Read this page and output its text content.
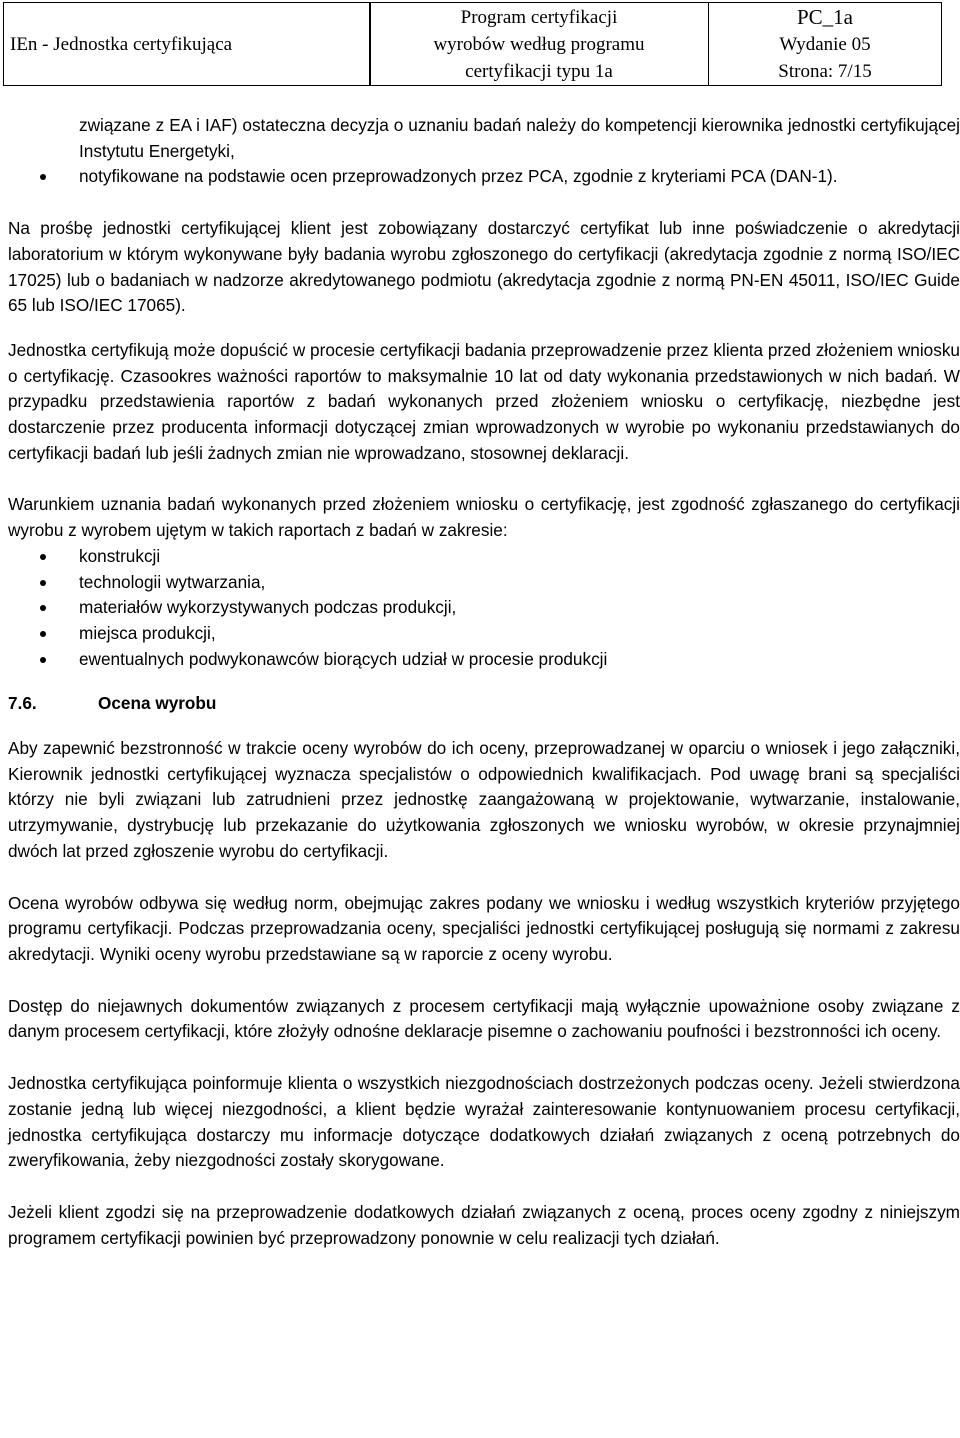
IEn - Jednostka certyfikująca
Program certyfikacji
wyrobów według programu
certyfikacji typu 1a
PC_1a
Wydanie 05
Strona: 7/15

związane z EA i IAF) ostateczna decyzja o uznaniu badań należy do kompetencji kierownika jednostki certyfikującej Instytutu Energetyki,

notyfikowane na podstawie ocen przeprowadzonych przez PCA, zgodnie z kryteriami PCA (DAN-1).

Na prośbę jednostki certyfikującej klient jest zobowiązany dostarczyć certyfikat lub inne poświadczenie o akredytacji laboratorium w którym wykonywane były badania wyrobu zgłoszonego do certyfikacji (akredytacja zgodnie z normą ISO/IEC 17025) lub o badaniach w nadzorze akredytowanego podmiotu (akredytacja zgodnie z normą PN-EN 45011, ISO/IEC Guide 65 lub ISO/IEC 17065).

Jednostka certyfikują może dopuścić w procesie certyfikacji badania przeprowadzenie przez klienta przed złożeniem wniosku o certyfikację. Czasookres ważności raportów to maksymalnie 10 lat od daty wykonania przedstawionych w nich badań. W przypadku przedstawienia raportów z badań wykonanych przed złożeniem wniosku o certyfikację, niezbędne jest dostarczenie przez producenta informacji dotyczącej zmian wprowadzonych w wyrobie po wykonaniu przedstawianych do certyfikacji badań lub jeśli żadnych zmian nie wprowadzano, stosownej deklaracji.

Warunkiem uznania badań wykonanych przed złożeniem wniosku o certyfikację, jest zgodność zgłaszanego do certyfikacji wyrobu z wyrobem ujętym w takich raportach z badań w zakresie:

konstrukcji
technologii wytwarzania,
materiałów wykorzystywanych podczas produkcji,
miejsca produkcji,
ewentualnych podwykonawców biorących udział w procesie produkcji
7.6.	Ocena wyrobu

Aby zapewnić bezstronność w trakcie oceny wyrobów do ich oceny, przeprowadzanej w oparciu o wniosek i jego załączniki, Kierownik jednostki certyfikującej wyznacza specjalistów o odpowiednich kwalifikacjach. Pod uwagę brani są specjaliści którzy nie byli związani lub zatrudnieni przez jednostkę zaangażowaną w projektowanie, wytwarzanie, instalowanie, utrzymywanie, dystrybucję lub przekazanie do użytkowania zgłoszonych we wniosku wyrobów, w okresie przynajmniej dwóch lat przed zgłoszenie wyrobu do certyfikacji.

Ocena wyrobów odbywa się według norm, obejmując zakres podany we wniosku i według wszystkich kryteriów przyjętego programu certyfikacji. Podczas przeprowadzania oceny, specjaliści jednostki certyfikującej posługują się normami z zakresu akredytacji. Wyniki oceny wyrobu przedstawiane są w raporcie z oceny wyrobu.

Dostęp do niejawnych dokumentów związanych z procesem certyfikacji mają wyłącznie upoważnione osoby związane z danym procesem certyfikacji, które złożyły odnośne deklaracje pisemne o zachowaniu poufności i bezstronności ich oceny.

Jednostka certyfikująca poinformuje klienta o wszystkich niezgodnościach dostrzeżonych podczas oceny. Jeżeli stwierdzona zostanie jedną lub więcej niezgodności, a klient będzie wyrażał zainteresowanie kontynuowaniem procesu certyfikacji, jednostka certyfikująca dostarczy mu informacje dotyczące dodatkowych działań związanych z oceną potrzebnych do zweryfikowania, żeby niezgodności zostały skorygowane.

Jeżeli klient zgodzi się na przeprowadzenie dodatkowych działań związanych z oceną, proces oceny zgodny z niniejszym programem certyfikacji powinien być przeprowadzony ponownie w celu realizacji tych działań.
